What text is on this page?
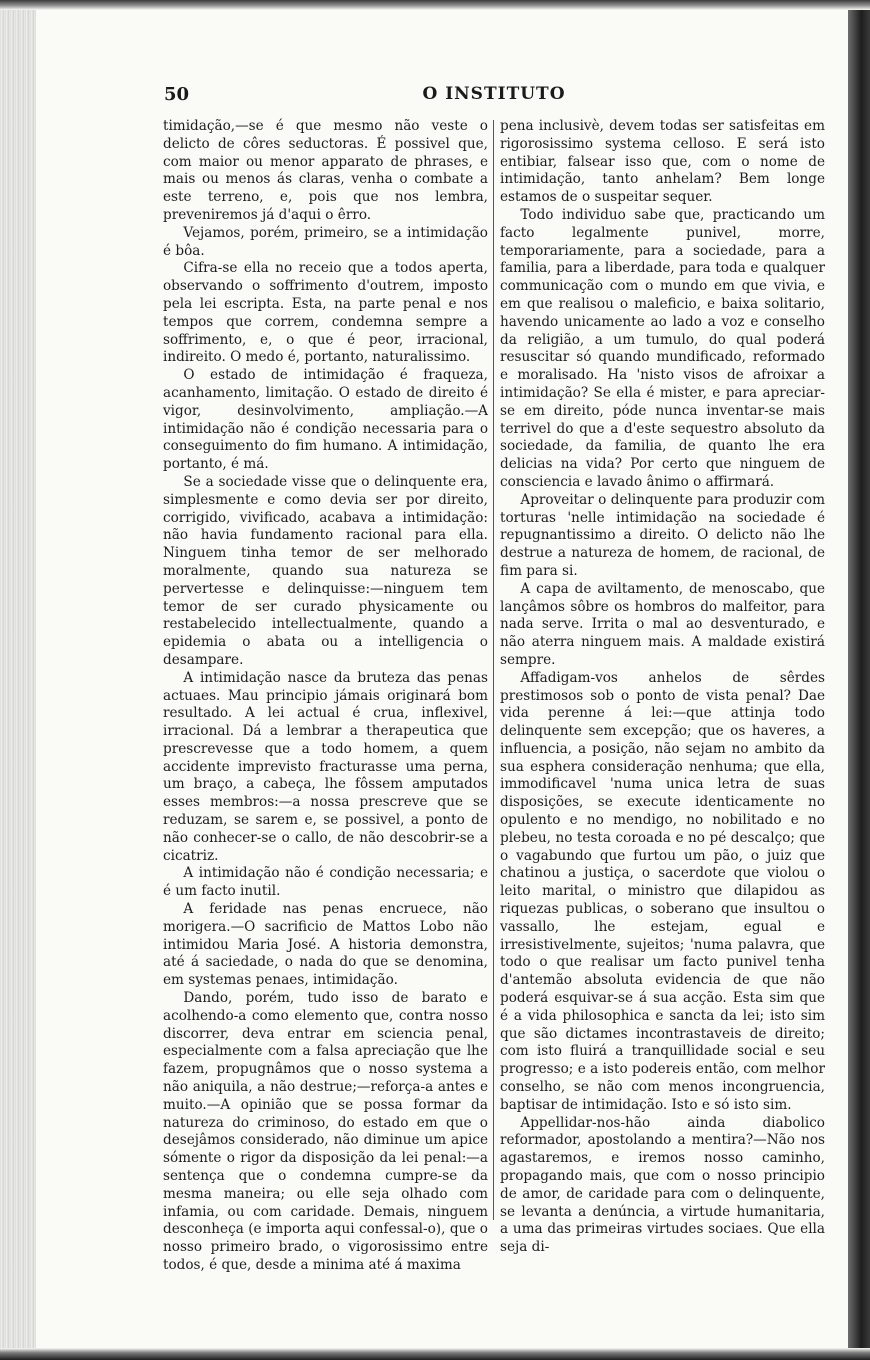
50	O INSTITUTO

timidação,—se é que mesmo não veste o delicto de côres seductoras. É possivel que, com maior ou menor apparato de phrases, e mais ou menos ás claras, venha o combate a este terreno, e, pois que nos lembra, preveniremos já d'aqui o êrro.

Vejamos, porém, primeiro, se a intimidação é bôa.

Cifra-se ella no receio que a todos aperta, observando o soffrimento d'outrem, imposto pela lei escripta. Esta, na parte penal e nos tempos que correm, condemna sempre a soffrimento, e, o que é peor, irracional, indireito. O medo é, portanto, naturalissimo.

O estado de intimidação é fraqueza, acanhamento, limitação. O estado de direito é vigor, desinvolvimento, ampliação.—A intimidação não é condição necessaria para o conseguimento do fim humano. A intimidação, portanto, é má.

Se a sociedade visse que o delinquente era, simplesmente e como devia ser por direito, corrigido, vivificado, acabava a intimidação: não havia fundamento racional para ella. Ninguem tinha temor de ser melhorado moralmente, quando sua natureza se pervertesse e delinquisse:—ninguem tem temor de ser curado physicamente ou restabelecido intellectualmente, quando a epidemia o abata ou a intelligencia o desampare.

A intimidação nasce da bruteza das penas actuaes. Mau principio jámais originará bom resultado. A lei actual é crua, inflexivel, irracional. Dá a lembrar a therapeutica que prescrevesse que a todo homem, a quem accidente imprevisto fracturasse uma perna, um braço, a cabeça, lhe fôssem amputados esses membros:—a nossa prescreve que se reduzam, se sarem e, se possivel, a ponto de não conhecer-se o callo, de não descobrir-se a cicatriz.

A intimidação não é condição necessaria; e é um facto inutil.

A feridade nas penas encruece, não morigera.—O sacrificio de Mattos Lobo não intimidou Maria José. A historia demonstra, até á saciedade, o nada do que se denomina, em systemas penaes, intimidação.

Dando, porém, tudo isso de barato e acolhendo-a como elemento que, contra nosso discorrer, deva entrar em sciencia penal, especialmente com a falsa apreciação que lhe fazem, propugnâmos que o nosso systema a não aniquila, a não destrue;—reforça-a antes e muito.—A opinião que se possa formar da natureza do criminoso, do estado em que o desejâmos considerado, não diminue um apice sómente o rigor da disposição da lei penal:—a sentença que o condemna cumpre-se da mesma maneira; ou elle seja olhado com infamia, ou com caridade. Demais, ninguem desconheça (e importa aqui confessal-o), que o nosso primeiro brado, o vigorosissimo entre todos, é que, desde a minima até á maxima

pena inclusivè, devem todas ser satisfeitas em rigorosissimo systema celloso. E será isto entibiar, falsear isso que, com o nome de intimidação, tanto anhelam? Bem longe estamos de o suspeitar sequer.

Todo individuo sabe que, practicando um facto legalmente punivel, morre, temporariamente, para a sociedade, para a familia, para a liberdade, para toda e qualquer communicação com o mundo em que vivia, e em que realisou o maleficio, e baixa solitario, havendo unicamente ao lado a voz e conselho da religião, a um tumulo, do qual poderá resuscitar só quando mundificado, reformado e moralisado. Ha 'nisto visos de afroixar a intimidação? Se ella é mister, e para apreciar-se em direito, póde nunca inventar-se mais terrivel do que a d'este sequestro absoluto da sociedade, da familia, de quanto lhe era delicias na vida? Por certo que ninguem de consciencia e lavado ânimo o affirmará.

Aproveitar o delinquente para produzir com torturas 'nelle intimidação na sociedade é repugnantissimo a direito. O delicto não lhe destrue a natureza de homem, de racional, de fim para si.

A capa de aviltamento, de menoscabo, que lançâmos sôbre os hombros do malfeitor, para nada serve. Irrita o mal ao desventurado, e não aterra ninguem mais. A maldade existirá sempre.

Affadigam-vos anhelos de sêrdes prestimosos sob o ponto de vista penal? Dae vida perenne á lei:—que attinja todo delinquente sem excepção; que os haveres, a influencia, a posição, não sejam no ambito da sua esphera consideração nenhuma; que ella, immodificavel 'numa unica letra de suas disposições, se execute identicamente no opulento e no mendigo, no nobilitado e no plebeu, no testa coroada e no pé descalço; que o vagabundo que furtou um pão, o juiz que chatinou a justiça, o sacerdote que violou o leito marital, o ministro que dilapidou as riquezas publicas, o soberano que insultou o vassallo, lhe estejam, egual e irresistivelmente, sujeitos; 'numa palavra, que todo o que realisar um facto punivel tenha d'antemão absoluta evidencia de que não poderá esquivar-se á sua acção. Esta sim que é a vida philosophica e sancta da lei; isto sim que são dictames incontrastaveis de direito; com isto fluirá a tranquillidade social e seu progresso; e a isto podereis então, com melhor conselho, se não com menos incongruencia, baptisar de intimidação. Isto e só isto sim.

Appellidar-nos-hão ainda diabolico reformador, apostolando a mentira?—Não nos agastaremos, e iremos nosso caminho, propagando mais, que com o nosso principio de amor, de caridade para com o delinquente, se levanta a denúncia, a virtude humanitaria, a uma das primeiras virtudes sociaes. Que ella seja di-
